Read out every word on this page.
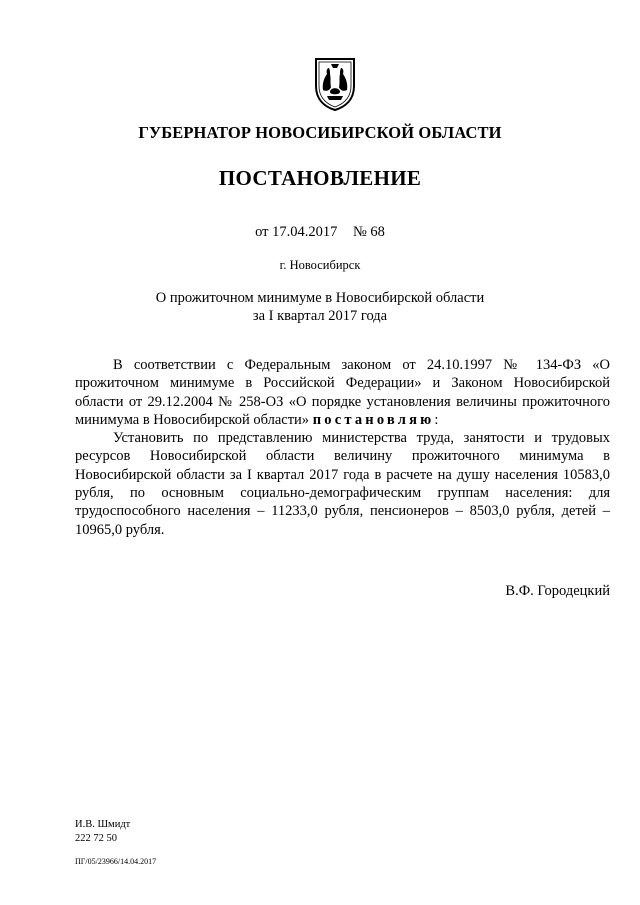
ГУБЕРНАТОР НОВОСИБИРСКОЙ ОБЛАСТИ
ПОСТАНОВЛЕНИЕ
от 17.04.2017 № 68
г. Новосибирск
О прожиточном минимуме в Новосибирской области
за I квартал 2017 года

В соответствии с Федеральным законом от 24.10.1997 № 134-ФЗ «О прожиточном минимуме в Российской Федерации» и Законом Новосибирской области от 29.12.2004 № 258-ОЗ «О порядке установления величины прожиточного минимума в Новосибирской области» постановляю:

Установить по представлению министерства труда, занятости и трудовых ресурсов Новосибирской области величину прожиточного минимума в Новосибирской области за I квартал 2017 года в расчете на душу населения 10583,0 рубля, по основным социально-демографическим группам населения: для трудоспособного населения – 11233,0 рубля, пенсионеров – 8503,0 рубля, детей – 10965,0 рубля.

В.Ф. Городецкий
И.В. Шмидт
222 72 50
ПГ/05/23966/14.04.2017
